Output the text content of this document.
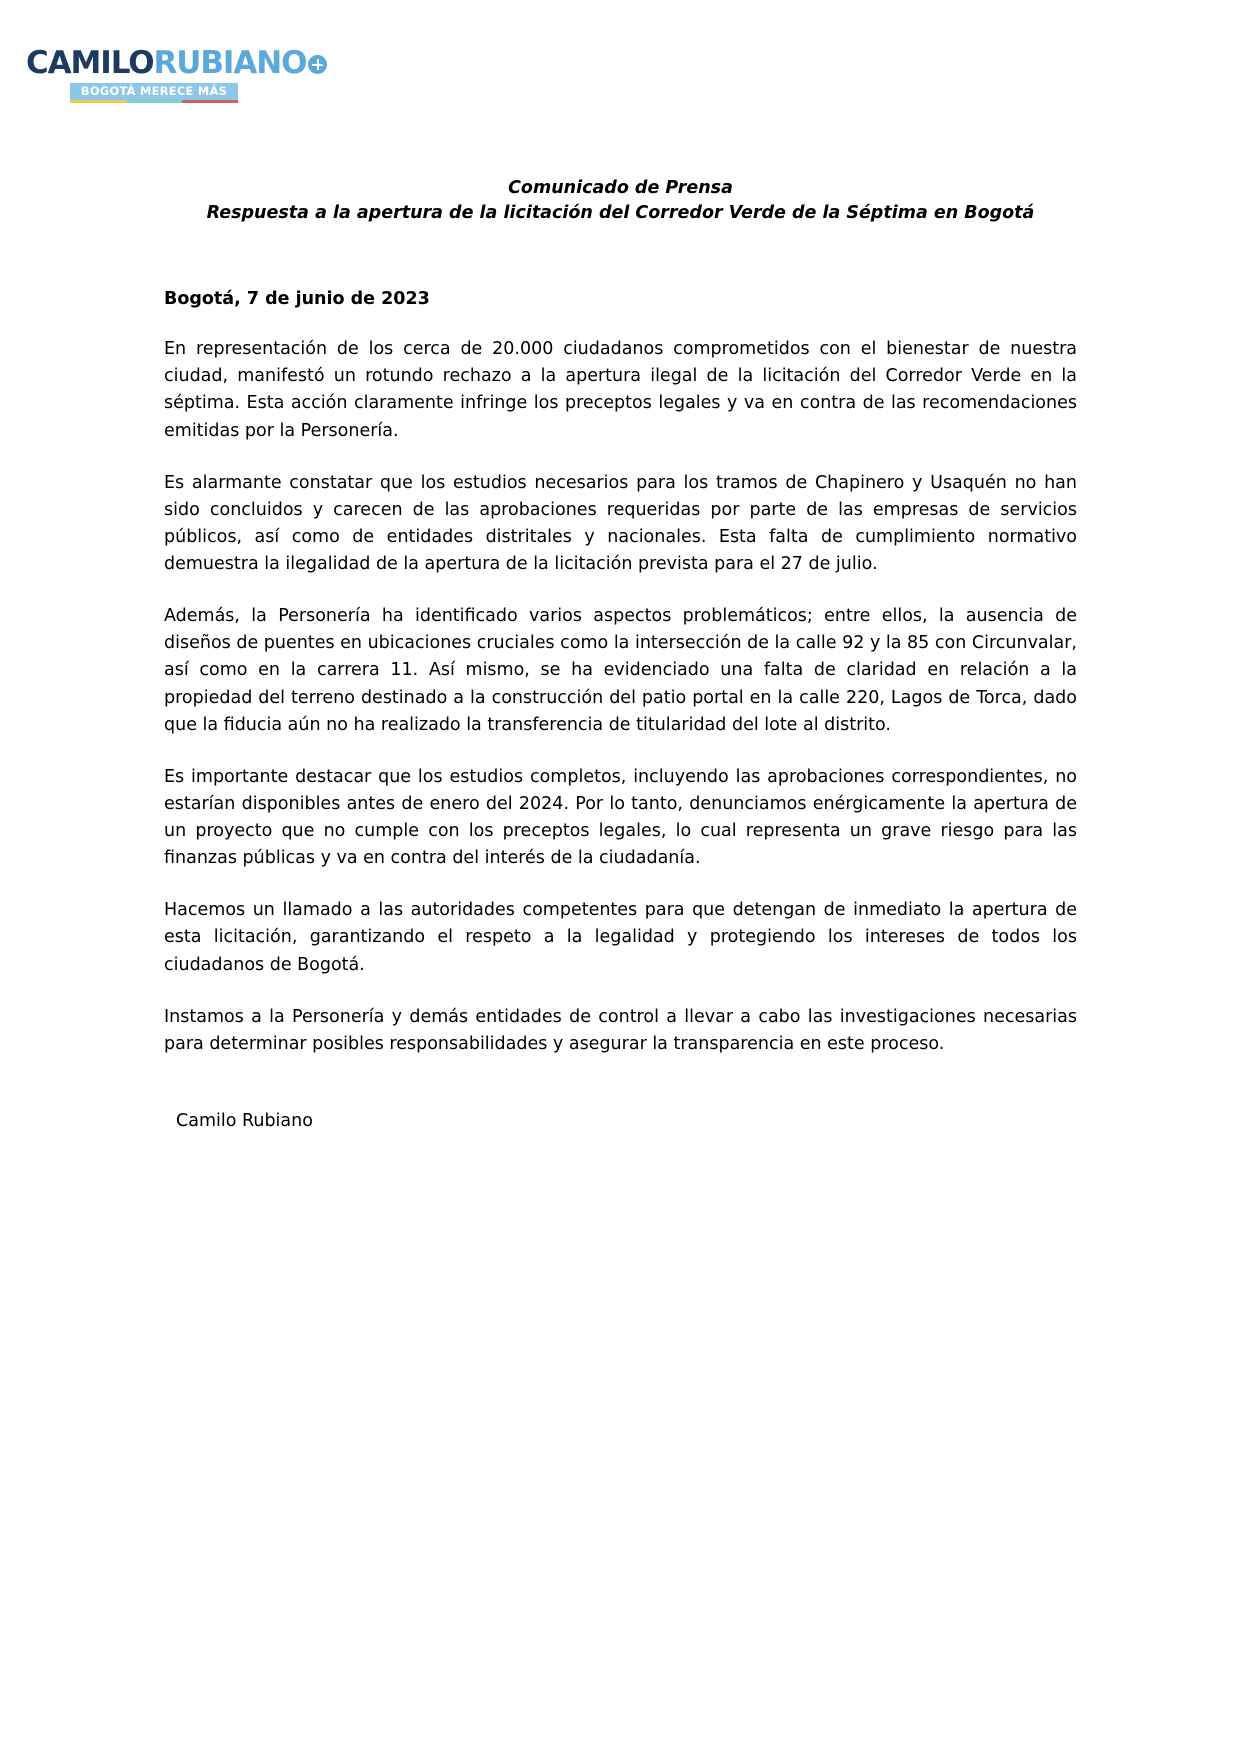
CAMILO RUBIANO
BOGOTÁ MERECE MÁS
Comunicado de Prensa
Respuesta a la apertura de la licitación del Corredor Verde de la Séptima en Bogotá
Bogotá, 7 de junio de 2023

En representación de los cerca de 20.000 ciudadanos comprometidos con el bienestar de nuestra ciudad, manifestó un rotundo rechazo a la apertura ilegal de la licitación del Corredor Verde en la séptima. Esta acción claramente infringe los preceptos legales y va en contra de las recomendaciones emitidas por la Personería.

Es alarmante constatar que los estudios necesarios para los tramos de Chapinero y Usaquén no han sido concluidos y carecen de las aprobaciones requeridas por parte de las empresas de servicios públicos, así como de entidades distritales y nacionales. Esta falta de cumplimiento normativo demuestra la ilegalidad de la apertura de la licitación prevista para el 27 de julio.

Además, la Personería ha identificado varios aspectos problemáticos; entre ellos, la ausencia de diseños de puentes en ubicaciones cruciales como la intersección de la calle 92 y la 85 con Circunvalar, así como en la carrera 11. Así mismo, se ha evidenciado una falta de claridad en relación a la propiedad del terreno destinado a la construcción del patio portal en la calle 220, Lagos de Torca, dado que la fiducia aún no ha realizado la transferencia de titularidad del lote al distrito.

Es importante destacar que los estudios completos, incluyendo las aprobaciones correspondientes, no estarían disponibles antes de enero del 2024. Por lo tanto, denunciamos enérgicamente la apertura de un proyecto que no cumple con los preceptos legales, lo cual representa un grave riesgo para las finanzas públicas y va en contra del interés de la ciudadanía.

Hacemos un llamado a las autoridades competentes para que detengan de inmediato la apertura de esta licitación, garantizando el respeto a la legalidad y protegiendo los intereses de todos los ciudadanos de Bogotá.

Instamos a la Personería y demás entidades de control a llevar a cabo las investigaciones necesarias para determinar posibles responsabilidades y asegurar la transparencia en este proceso.

Camilo Rubiano
